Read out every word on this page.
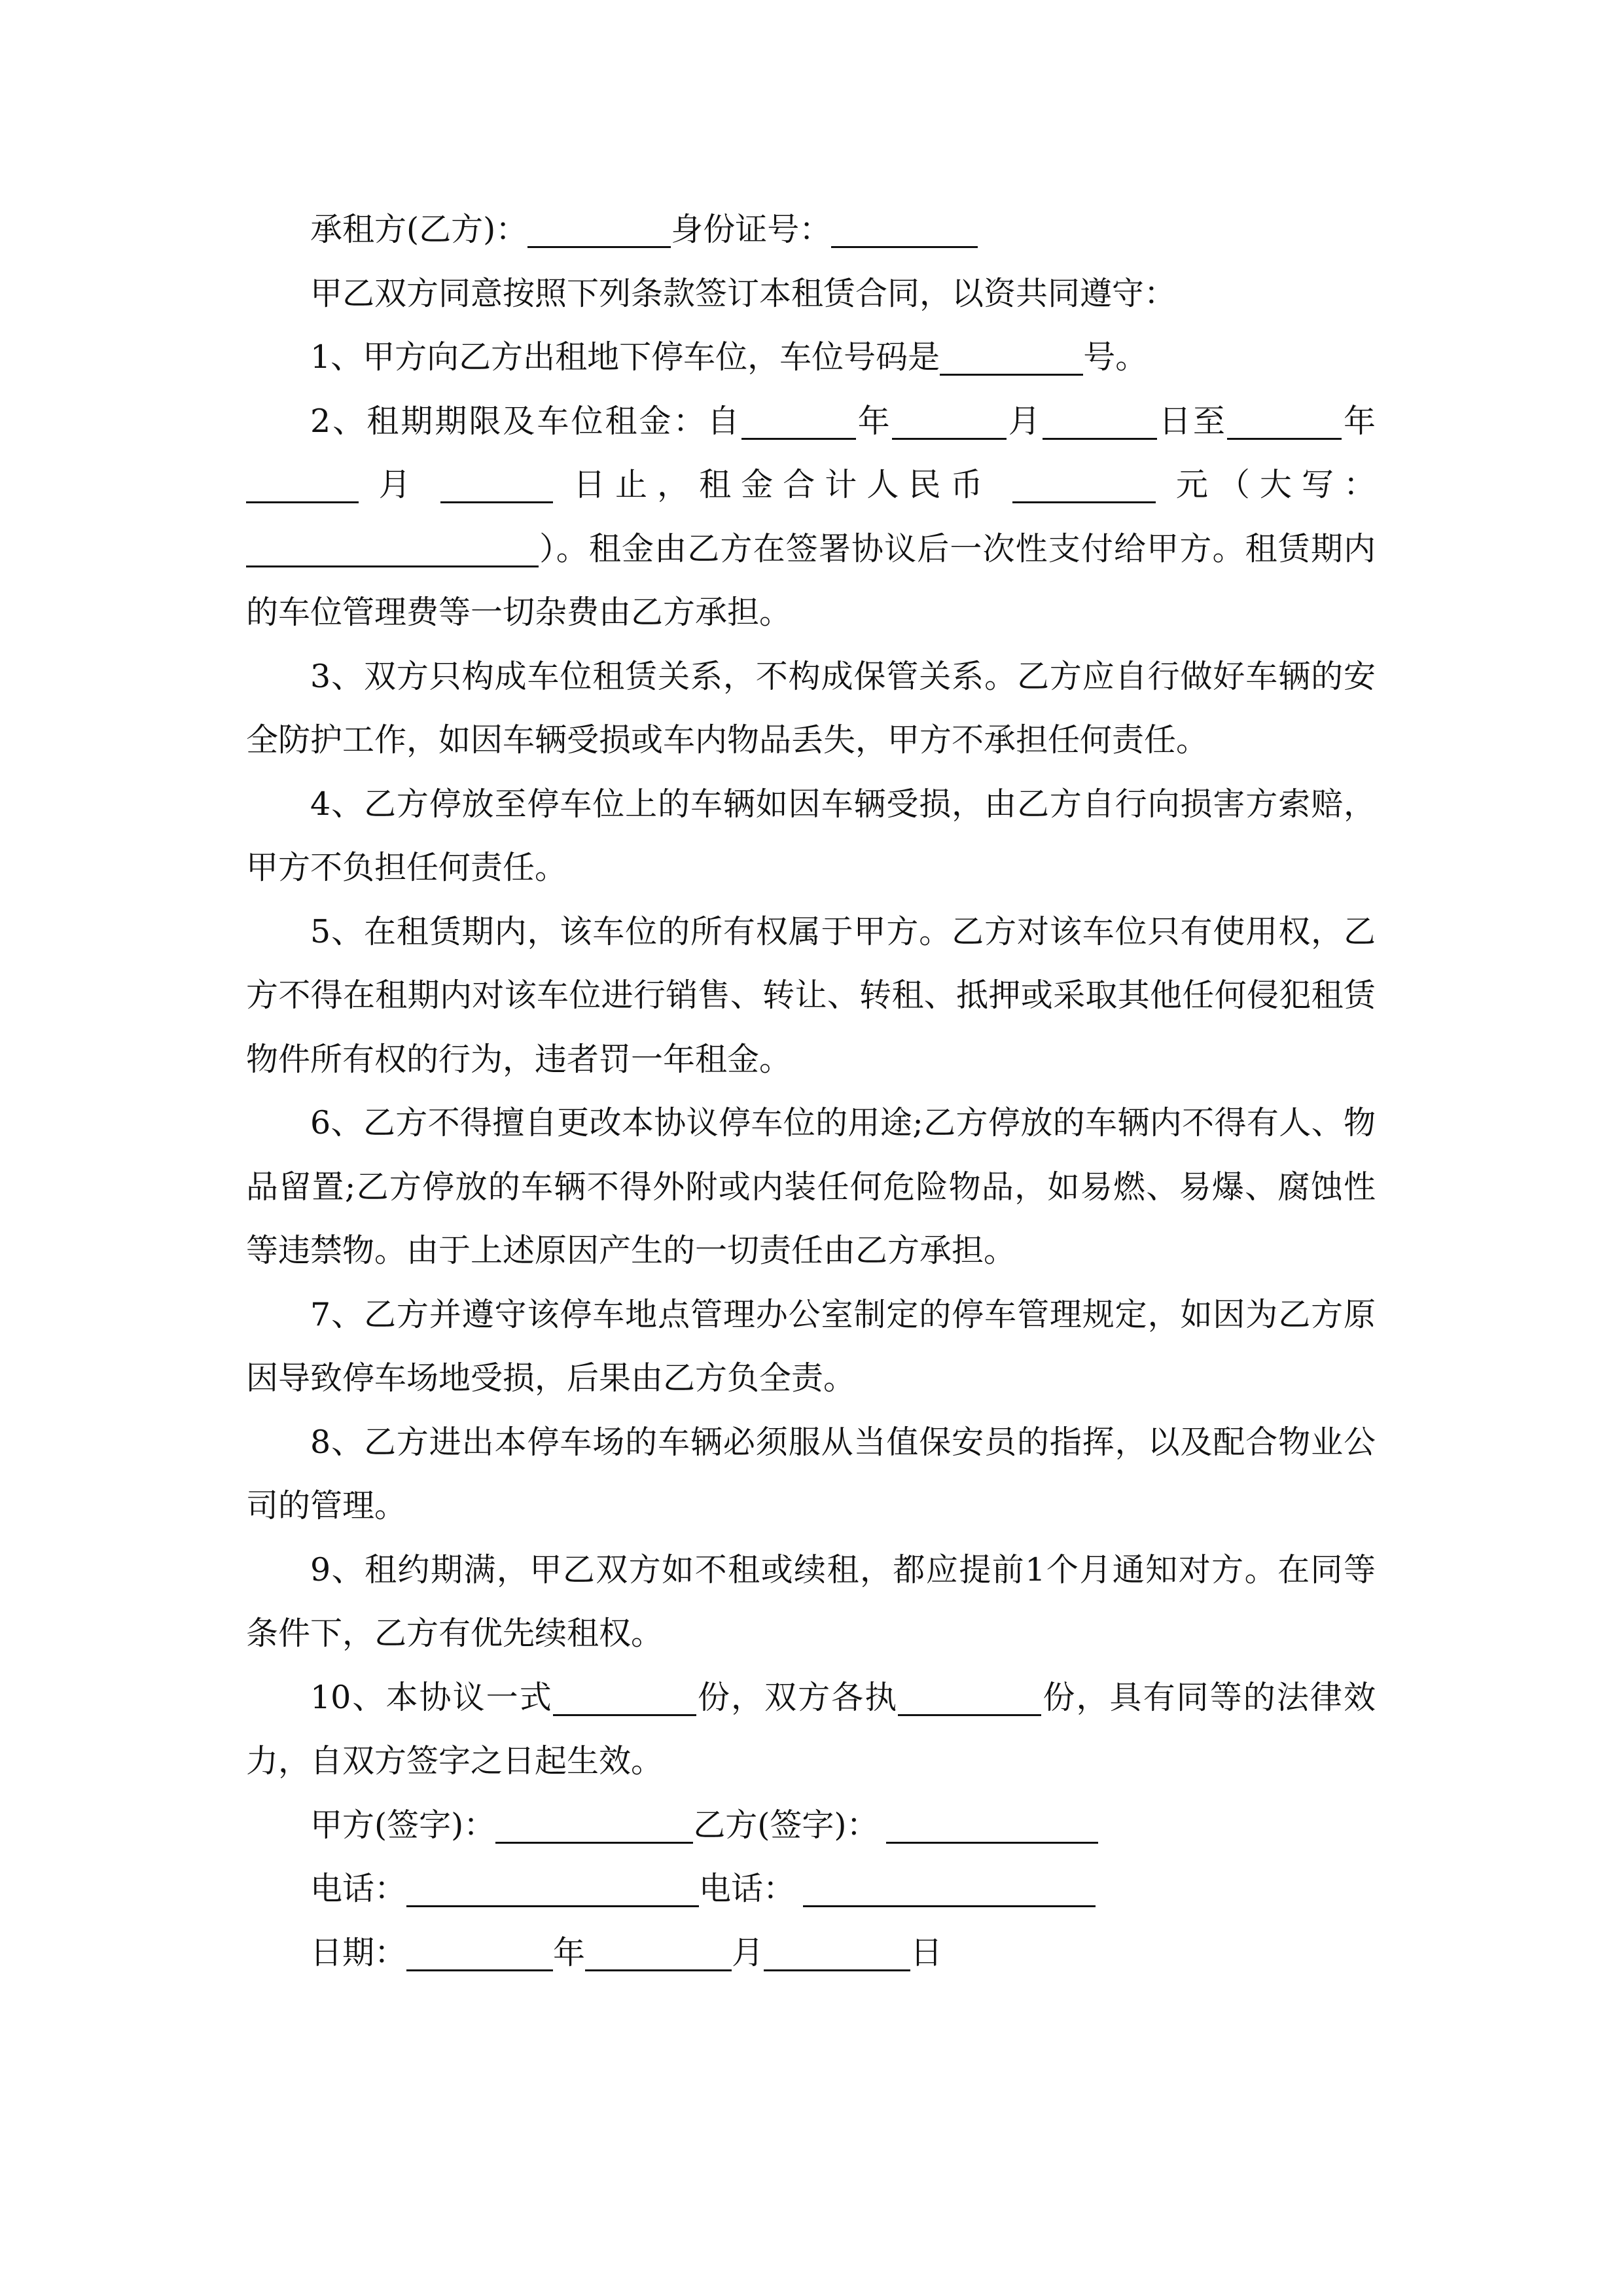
承租方(乙方)：	身份证号：

甲乙双方同意按照下列条款签订本租赁合同，以资共同遵守：

1、甲方向乙方出租地下停车位，车位号码是	号。

2、租期期限及车位租金：自	年	月	日至	年  月	日止，租金合计人民币	元（大写： ）。租金由乙方在签署协议后一次性支付给甲方。租赁期内的车位管理费等一切杂费由乙方承担。

3、双方只构成车位租赁关系，不构成保管关系。乙方应自行做好车辆的安全防护工作，如因车辆受损或车内物品丢失，甲方不承担任何责任。

4、乙方停放至停车位上的车辆如因车辆受损，由乙方自行向损害方索赔，甲方不负担任何责任。

5、在租赁期内，该车位的所有权属于甲方。乙方对该车位只有使用权，乙方不得在租期内对该车位进行销售、转让、转租、抵押或采取其他任何侵犯租赁物件所有权的行为，违者罚一年租金。

6、乙方不得擅自更改本协议停车位的用途;乙方停放的车辆内不得有人、物品留置;乙方停放的车辆不得外附或内装任何危险物品，如易燃、易爆、腐蚀性等违禁物。由于上述原因产生的一切责任由乙方承担。

7、乙方并遵守该停车地点管理办公室制定的停车管理规定，如因为乙方原因导致停车场地受损，后果由乙方负全责。

8、乙方进出本停车场的车辆必须服从当值保安员的指挥，以及配合物业公司的管理。

9、租约期满，甲乙双方如不租或续租，都应提前1个月通知对方。在同等条件下，乙方有优先续租权。

10、本协议一式	份，双方各执	份，具有同等的法律效力，自双方签字之日起生效。

甲方(签字)：	乙方(签字)：

电话：	电话：

日期：	年	月	日
